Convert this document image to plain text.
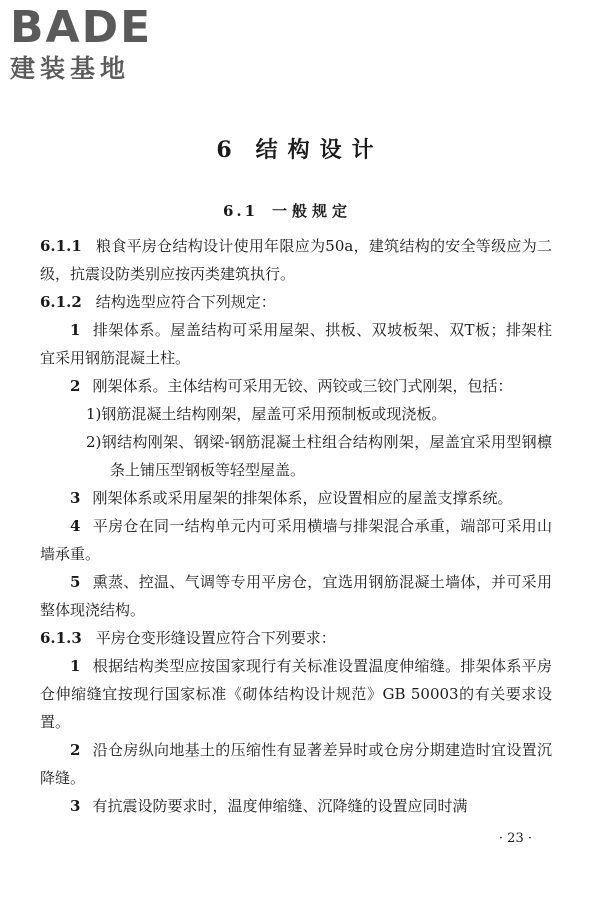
BADE
建装基地
6 结构设计
6.1 一般规定

6.1.1 粮食平房仓结构设计使用年限应为50a，建筑结构的安全等级应为二级，抗震设防类别应按丙类建筑执行。

6.1.2 结构选型应符合下列规定：

1 排架体系。屋盖结构可采用屋架、拱板、双坡板架、双T板；排架柱宜采用钢筋混凝土柱。

2 刚架体系。主体结构可采用无铰、两铰或三铰门式刚架，包括：

1)钢筋混凝土结构刚架，屋盖可采用预制板或现浇板。

2)钢结构刚架、钢梁-钢筋混凝土柱组合结构刚架，屋盖宜采用型钢檩条上铺压型钢板等轻型屋盖。

3 刚架体系或采用屋架的排架体系，应设置相应的屋盖支撑系统。

4 平房仓在同一结构单元内可采用横墙与排架混合承重，端部可采用山墙承重。

5 熏蒸、控温、气调等专用平房仓，宜选用钢筋混凝土墙体，并可采用整体现浇结构。

6.1.3 平房仓变形缝设置应符合下列要求：

1 根据结构类型应按国家现行有关标准设置温度伸缩缝。排架体系平房仓伸缩缝宜按现行国家标准《砌体结构设计规范》GB 50003的有关要求设置。

2 沿仓房纵向地基土的压缩性有显著差异时或仓房分期建造时宜设置沉降缝。

3 有抗震设防要求时，温度伸缩缝、沉降缝的设置应同时满

· 23 ·
